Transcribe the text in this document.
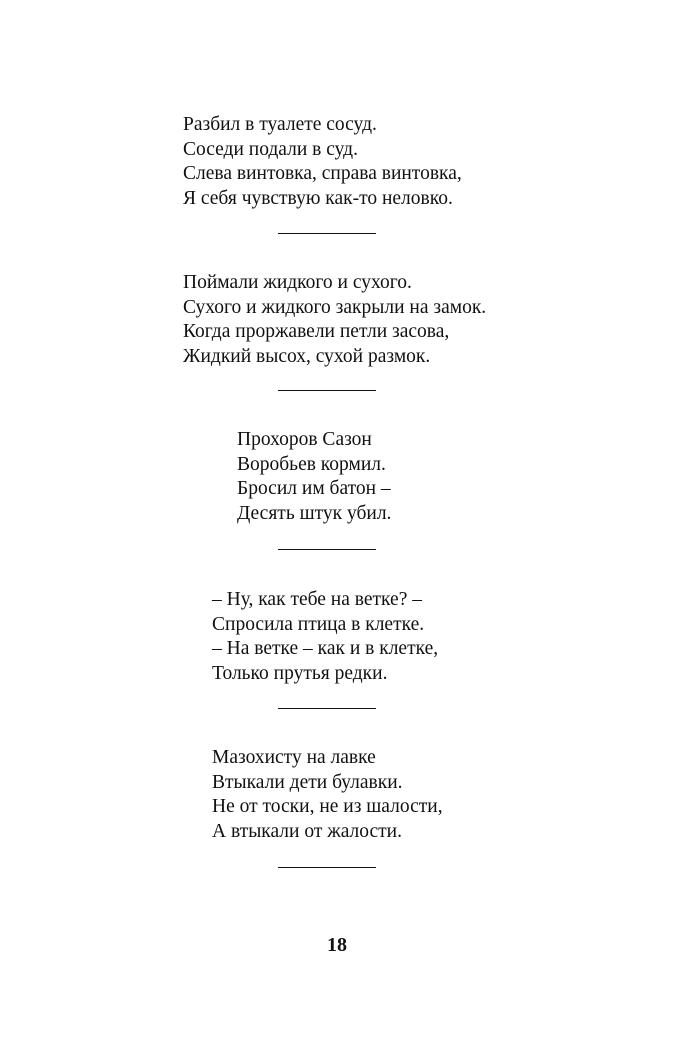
Разбил в туалете сосуд.
Соседи подали в суд.
Слева винтовка, справа винтовка,
Я себя чувствую как-то неловко.
Поймали жидкого и сухого.
Сухого и жидкого закрыли на замок.
Когда проржавели петли засова,
Жидкий высох, сухой размок.
Прохоров Сазон
Воробьев кормил.
Бросил им батон –
Десять штук убил.
– Ну, как тебе на ветке? –
Спросила птица в клетке.
– На ветке – как и в клетке,
Только прутья редки.
Мазохисту на лавке
Втыкали дети булавки.
Не от тоски, не из шалости,
А втыкали от жалости.
18
